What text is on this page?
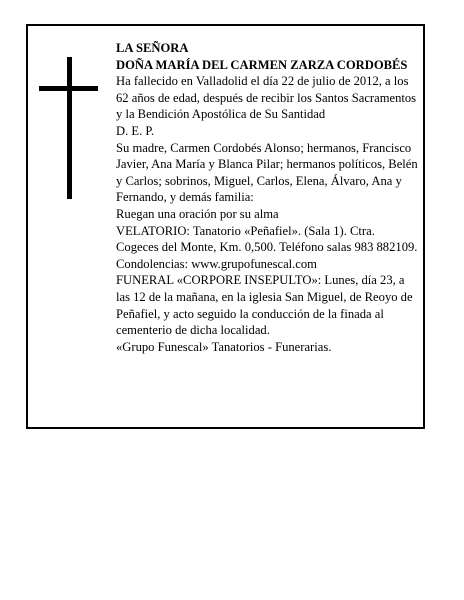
LA SEÑORA

DOÑA MARÍA DEL CARMEN ZARZA CORDOBÉS

Ha fallecido en Valladolid el día 22 de julio de 2012, a los 62 años de edad, después de recibir los Santos Sacramentos y la Bendición Apostólica de Su Santidad

D. E. P.

Su madre, Carmen Cordobés Alonso; hermanos, Francisco Javier, Ana María y Blanca Pilar; hermanos políticos, Belén y Carlos; sobrinos, Miguel, Carlos, Elena, Álvaro, Ana y Fernando, y demás familia:

Ruegan una oración por su alma

VELATORIO: Tanatorio «Peñafiel». (Sala 1). Ctra. Cogeces del Monte, Km. 0,500. Teléfono salas 983 882109. Condolencias: www.grupofunescal.com

FUNERAL «CORPORE INSEPULTO»: Lunes, día 23, a las 12 de la mañana, en la iglesia San Miguel, de Reoyo de Peñafiel, y acto seguido la conducción de la finada al cementerio de dicha localidad.

«Grupo Funescal» Tanatorios - Funerarias.
